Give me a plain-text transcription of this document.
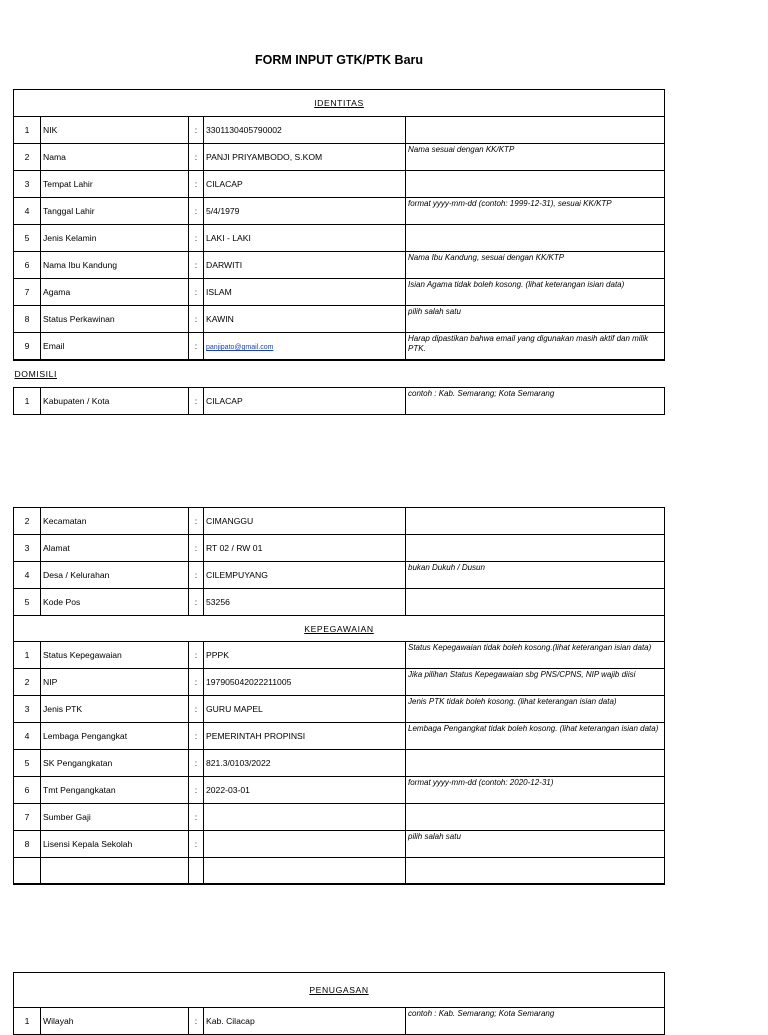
FORM INPUT GTK/PTK Baru
IDENTITAS				
1	NIK	:	3301130405790002	
2	Nama	:	PANJI PRIYAMBODO, S.KOM	Nama sesuai dengan KK/KTP
3	Tempat Lahir	:	CILACAP	
4	Tanggal Lahir	:	5/4/1979	format yyyy-mm-dd (contoh: 1999-12-31), sesuai KK/KTP
5	Jenis Kelamin	:	LAKI - LAKI	
6	Nama Ibu Kandung	:	DARWITI	Nama Ibu Kandung, sesuai dengan KK/KTP
7	Agama	:	ISLAM	Isian Agama tidak boleh kosong. (lihat keterangan isian data)
8	Status Perkawinan	:	KAWIN	pilih salah satu
9	Email	:	panjipato@gmail.com	Harap dipastikan bahwa email yang digunakan masih aktif dan milik PTK.
DOMISILI				
1	Kabupaten / Kota	:	CILACAP	contoh : Kab. Semarang; Kota Semarang
2	Kecamatan	:	CIMANGGU	
3	Alamat	:	RT 02 / RW 01	
4	Desa / Kelurahan	:	CILEMPUYANG	bukan Dukuh / Dusun
5	Kode Pos	:	53256	
KEPEGAWAIAN				
1	Status Kepegawaian	:	PPPK	Status Kepegawaian tidak boleh kosong.(lihat keterangan isian data)
2	NIP	:	197905042022211005	Jika pilihan Status Kepegawaian sbg PNS/CPNS, NIP wajib diisi
3	Jenis PTK	:	GURU MAPEL	Jenis PTK tidak boleh kosong. (lihat keterangan isian data)
4	Lembaga Pengangkat	:	PEMERINTAH PROPINSI	Lembaga Pengangkat tidak boleh kosong. (lihat keterangan isian data)
5	SK Pengangkatan	:	821.3/0103/2022	
6	Tmt Pengangkatan	:	2022-03-01	format yyyy-mm-dd (contoh: 2020-12-31)
7	Sumber Gaji	:		
8	Lisensi Kepala Sekolah	:		pilih salah satu

PENUGASAN
1	Wilayah	:	Kab. Cilacap	contoh : Kab. Semarang; Kota Semarang
